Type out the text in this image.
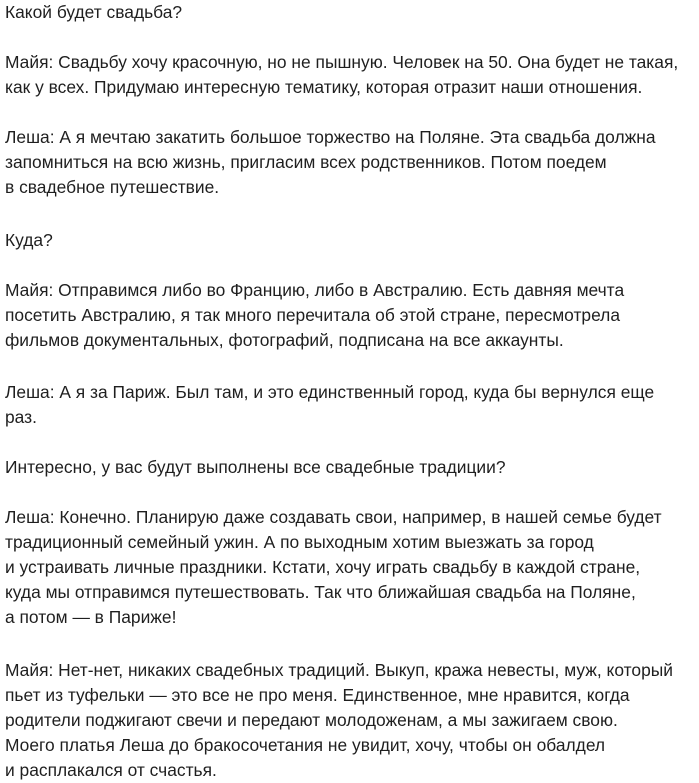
Какой будет свадьба?

Майя: Свадьбу хочу красочную, но не пышную. Человек на 50. Она будет не такая,
как у всех. Придумаю интересную тематику, которая отразит наши отношения.

Леша: А я мечтаю закатить большое торжество на Поляне. Эта свадьба должна
запомниться на всю жизнь, пригласим всех родственников. Потом поедем
в свадебное путешествие.

Куда?

Майя: Отправимся либо во Францию, либо в Австралию. Есть давняя мечта
посетить Австралию, я так много перечитала об этой стране, пересмотрела
фильмов документальных, фотографий, подписана на все аккаунты.

Леша: А я за Париж. Был там, и это единственный город, куда бы вернулся еще
раз.

Интересно, у вас будут выполнены все свадебные традиции?

Леша: Конечно. Планирую даже создавать свои, например, в нашей семье будет
традиционный семейный ужин. А по выходным хотим выезжать за город
и устраивать личные праздники. Кстати, хочу играть свадьбу в каждой стране,
куда мы отправимся путешествовать. Так что ближайшая свадьба на Поляне,
а потом — в Париже!

Майя: Нет-нет, никаких свадебных традиций. Выкуп, кража невесты, муж, который
пьет из туфельки — это все не про меня. Единственное, мне нравится, когда
родители поджигают свечи и передают молодоженам, а мы зажигаем свою.
Моего платья Леша до бракосочетания не увидит, хочу, чтобы он обалдел
и расплакался от счастья.
